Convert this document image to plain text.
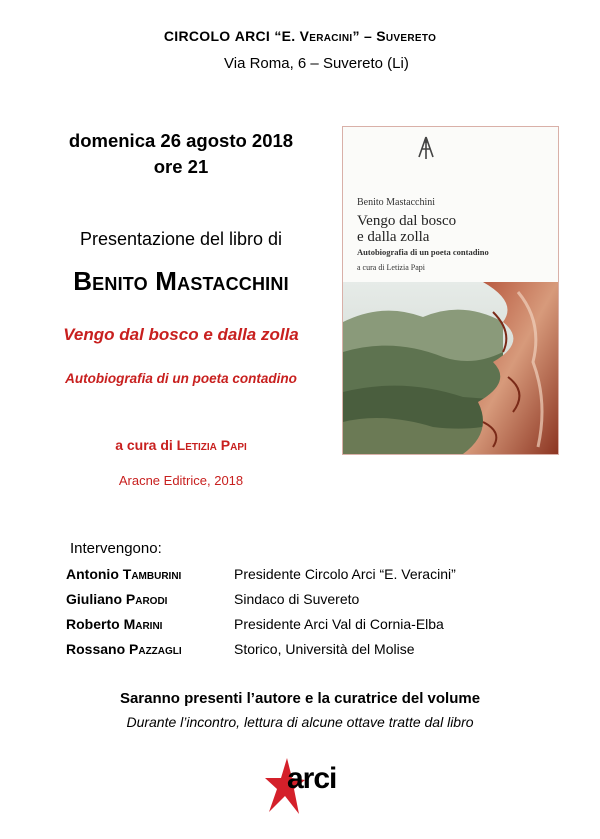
CIRCOLO ARCI “E. Veracini” – Suvereto
Via Roma, 6 – Suvereto (Li)
domenica 26 agosto 2018
ore 21
Presentazione del libro di
Benito Mastacchini
Vengo dal bosco e dalla zolla
Autobiografia di un poeta contadino
a cura di Letizia Papi
Aracne Editrice, 2018
Benito Mastacchini
Vengo dal bosco
e dalla zolla
Autobiografia di un poeta contadino
a cura di Letizia Papi
Intervengono:
Antonio Tamburini	Presidente Circolo Arci “E. Veracini”
Giuliano Parodi	Sindaco di Suvereto
Roberto Marini	Presidente Arci Val di Cornia-Elba
Rossano Pazzagli	Storico, Università del Molise
Saranno presenti l’autore e la curatrice del volume
Durante l’incontro, lettura di alcune ottave tratte dal libro
arci
